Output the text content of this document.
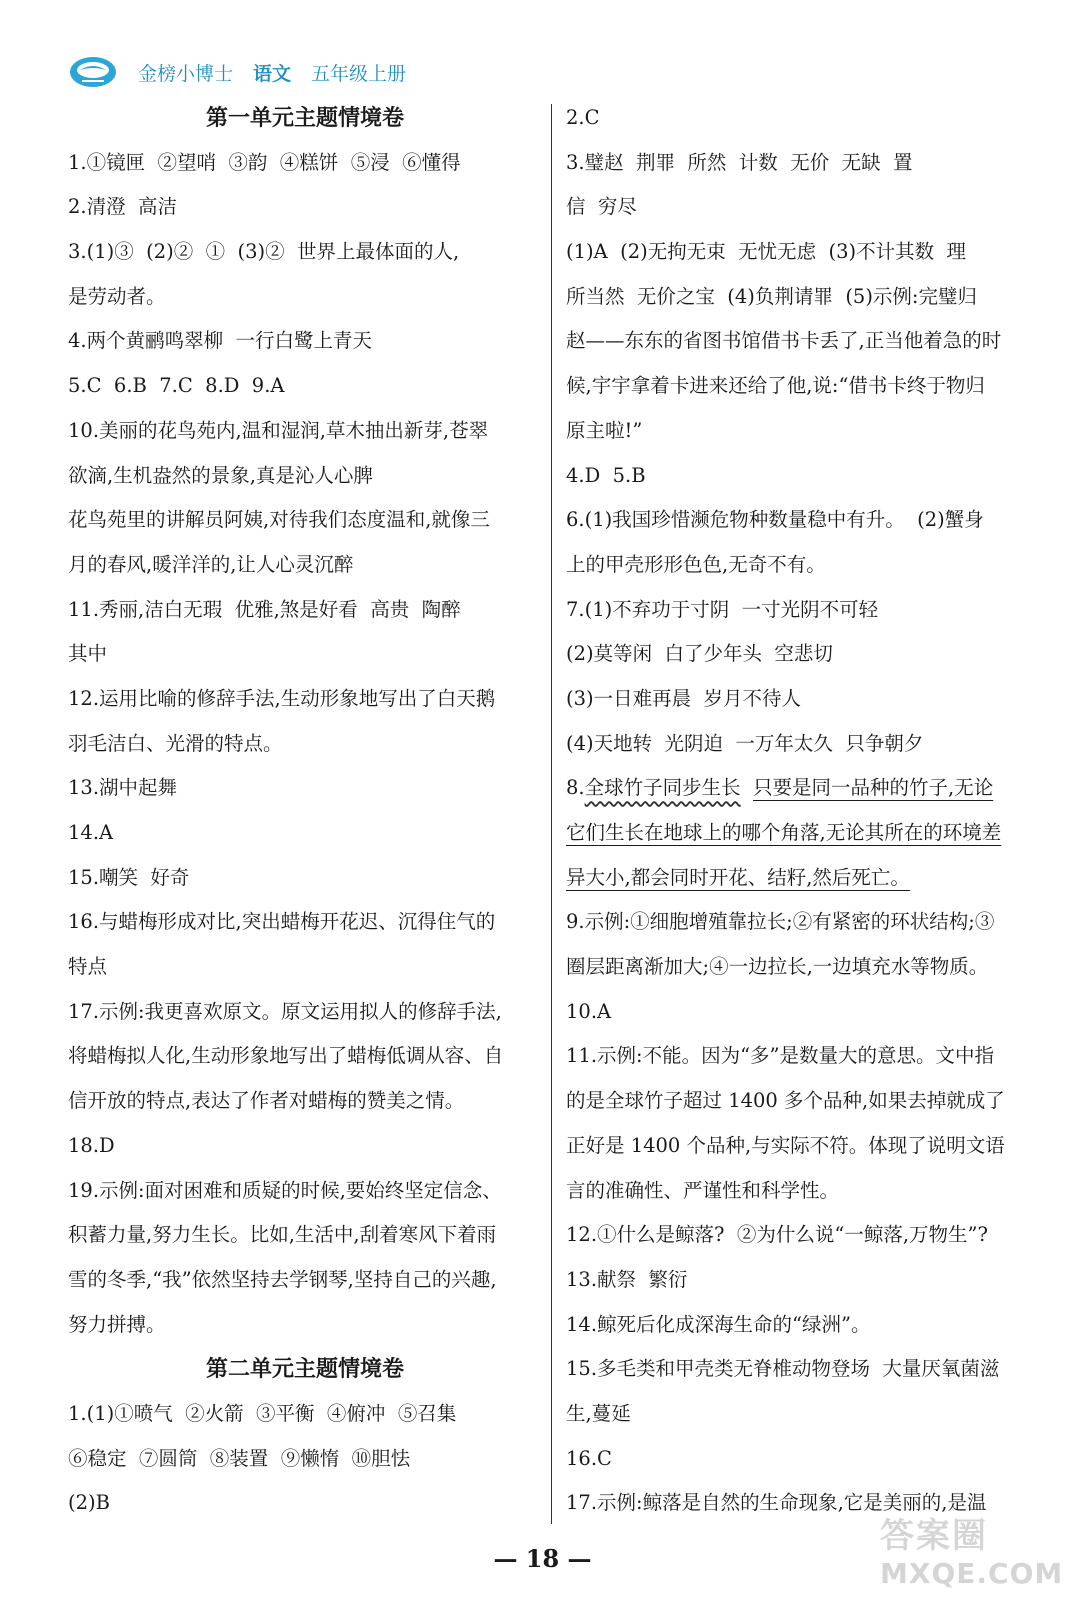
金榜小博士 语文 五年级上册
第一单元主题情境卷
1.①镜匣  ②望哨  ③韵  ④糕饼  ⑤浸  ⑥懂得
2.清澄  高洁
3.(1)③  (2)②  ①  (3)②  世界上最体面的人,
是劳动者。
4.两个黄鹂鸣翠柳  一行白鹭上青天
5.C  6.B  7.C  8.D  9.A
10.美丽的花鸟苑内,温和湿润,草木抽出新芽,苍翠
欲滴,生机盎然的景象,真是沁人心脾
花鸟苑里的讲解员阿姨,对待我们态度温和,就像三
月的春风,暖洋洋的,让人心灵沉醉
11.秀丽,洁白无瑕  优雅,煞是好看  高贵  陶醉
其中
12.运用比喻的修辞手法,生动形象地写出了白天鹅
羽毛洁白、光滑的特点。
13.湖中起舞
14.A
15.嘲笑  好奇
16.与蜡梅形成对比,突出蜡梅开花迟、沉得住气的
特点
17.示例:我更喜欢原文。原文运用拟人的修辞手法,
将蜡梅拟人化,生动形象地写出了蜡梅低调从容、自
信开放的特点,表达了作者对蜡梅的赞美之情。
18.D
19.示例:面对困难和质疑的时候,要始终坚定信念、
积蓄力量,努力生长。比如,生活中,刮着寒风下着雨
雪的冬季,“我”依然坚持去学钢琴,坚持自己的兴趣,
努力拼搏。
第二单元主题情境卷
1.(1)①喷气  ②火箭  ③平衡  ④俯冲  ⑤召集
⑥稳定  ⑦圆筒  ⑧装置  ⑨懒惰  ⑩胆怯
(2)B
2.C
3.璧赵  荆罪  所然  计数  无价  无缺  置
信  穷尽
(1)A  (2)无拘无束  无忧无虑  (3)不计其数  理
所当然  无价之宝  (4)负荆请罪  (5)示例:完璧归
赵——东东的省图书馆借书卡丢了,正当他着急的时
候,宇宇拿着卡进来还给了他,说:“借书卡终于物归
原主啦!”
4.D  5.B
6.(1)我国珍惜濒危物种数量稳中有升。  (2)蟹身
上的甲壳形形色色,无奇不有。
7.(1)不弃功于寸阴  一寸光阴不可轻
(2)莫等闲  白了少年头  空悲切
(3)一日难再晨  岁月不待人
(4)天地转  光阴迫  一万年太久  只争朝夕
8.全球竹子同步生长 只要是同一品种的竹子,无论
它们生长在地球上的哪个角落,无论其所在的环境差
异大小,都会同时开花、结籽,然后死亡。
9.示例:①细胞增殖靠拉长;②有紧密的环状结构;③
圈层距离渐加大;④一边拉长,一边填充水等物质。
10.A
11.示例:不能。因为“多”是数量大的意思。文中指
的是全球竹子超过 1400 多个品种,如果去掉就成了
正好是 1400 个品种,与实际不符。体现了说明文语
言的准确性、严谨性和科学性。
12.①什么是鲸落?  ②为什么说“一鲸落,万物生”?
13.献祭  繁衍
14.鲸死后化成深海生命的“绿洲”。
15.多毛类和甲壳类无脊椎动物登场  大量厌氧菌滋
生,蔓延
16.C
17.示例:鲸落是自然的生命现象,它是美丽的,是温
— 18 —
答案圈
MXQE.COM
